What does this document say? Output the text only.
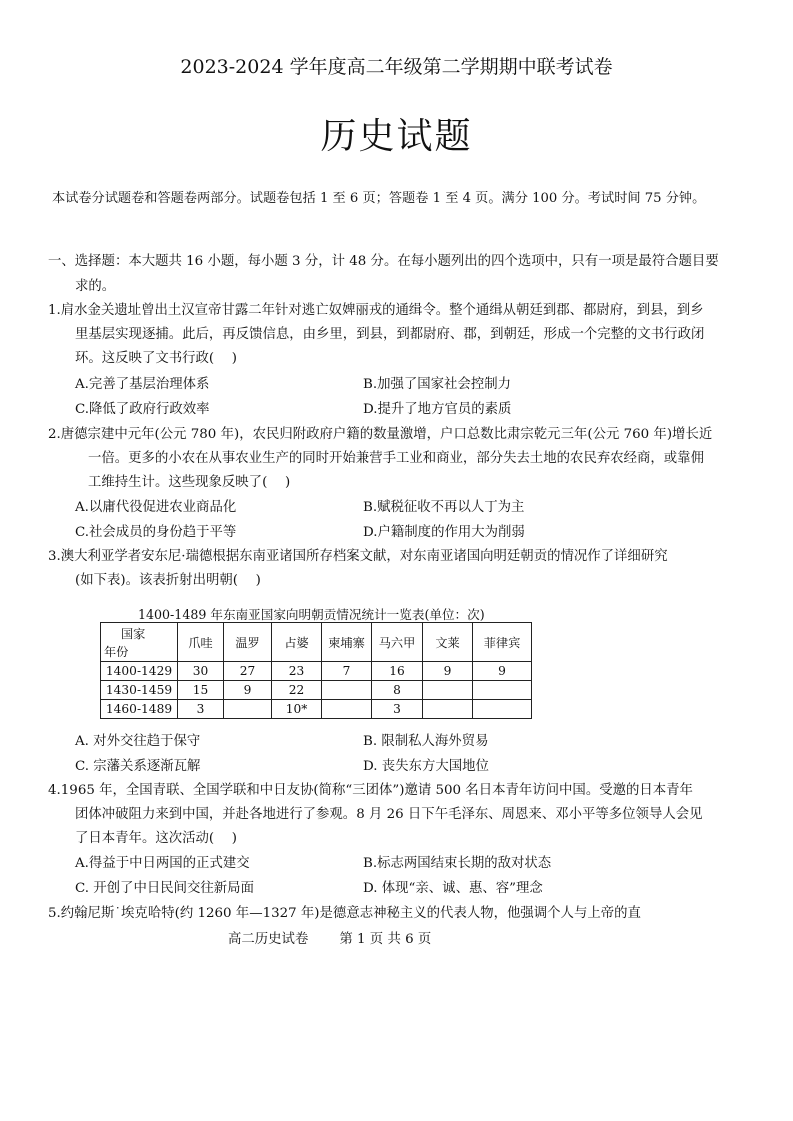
2023-2024 学年度高二年级第二学期期中联考试卷
历史试题
本试卷分试题卷和答题卷两部分。试题卷包括 1 至 6 页；答题卷 1 至 4 页。满分 100 分。考试时间 75 分钟。
一、选择题：本大题共 16 小题，每小题 3 分，计 48 分。在每小题列出的四个选项中，只有一项是最符合题目要
求的。
1.肩水金关遗址曾出土汉宣帝甘露二年针对逃亡奴婢丽戎的通缉令。整个通缉从朝廷到郡、都尉府，到县，到乡
里基层实现逐捕。此后，再反馈信息，由乡里，到县，到都尉府、郡，到朝廷，形成一个完整的文书行政闭
环。这反映了文书行政(　 )
A.完善了基层治理体系	B.加强了国家社会控制力
C.降低了政府行政效率	D.提升了地方官员的素质
2.唐德宗建中元年(公元 780 年)，农民归附政府户籍的数量激增，户口总数比肃宗乾元三年(公元 760 年)增长近
一倍。更多的小农在从事农业生产的同时开始兼营手工业和商业，部分失去土地的农民弃农经商，或靠佣
工维持生计。这些现象反映了(　 )
A.以庸代役促进农业商品化	B.赋税征收不再以人丁为主
C.社会成员的身份趋于平等	D.户籍制度的作用大为削弱
3.澳大利亚学者安东尼·瑞德根据东南亚诸国所存档案文献，对东南亚诸国向明廷朝贡的情况作了详细研究
(如下表)。该表折射出明朝(　 )
1400-1489 年东南亚国家向明朝贡情况统计一览表(单位：次)
国家
年份	爪哇	温罗	占婆	柬埔寨	马六甲	文莱	菲律宾
1400-1429	30	27	23	7	16	9	9
1430-1459	15	9	22		8		
1460-1489	3		10*		3		
A. 对外交往趋于保守	B. 限制私人海外贸易
C. 宗藩关系逐渐瓦解	D. 丧失东方大国地位
4.1965 年，全国青联、全国学联和中日友协(简称“三团体”)邀请 500 名日本青年访问中国。受邀的日本青年
团体冲破阻力来到中国，并赴各地进行了参观。8 月 26 日下午毛泽东、周恩来、邓小平等多位领导人会见
了日本青年。这次活动(　 )
A.得益于中日两国的正式建交	B.标志两国结束长期的敌对状态
C. 开创了中日民间交往新局面	D. 体现“亲、诚、惠、容”理念
5.约翰尼斯˙埃克哈特(约 1260 年—1327 年)是德意志神秘主义的代表人物，他强调个人与上帝的直
高二历史试卷　　 第 1 页 共 6 页
